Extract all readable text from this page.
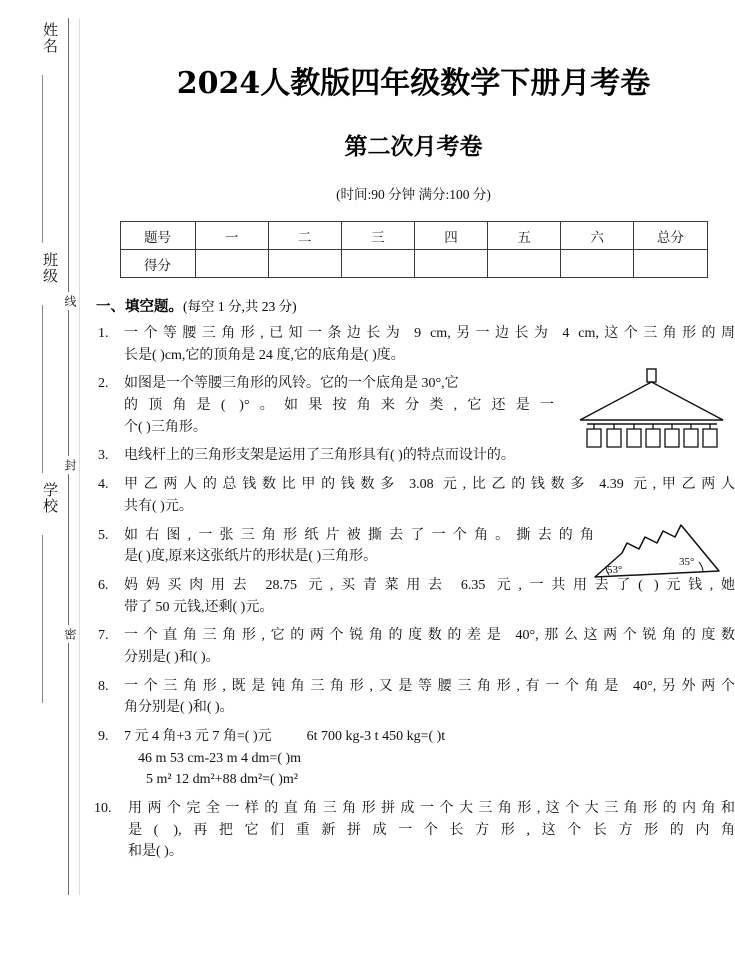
姓名
班级
学校
线
封
密
2024人教版四年级数学下册月考卷
第二次月考卷

(时间:90 分钟 满分:100 分)

题号	一	二	三	四	五	六	总分
得分							
一、填空题。(每空 1 分,共 23 分)
1.	一个等腰三角形,已知一条边长为 9 cm,另一边长为 4 cm,这个三角形的周
长是( )cm,它的顶角是 24 度,它的底角是( )度。
2.	如图是一个等腰三角形的风铃。它的一个底角是 30°,它
的顶角是( )°。如果按角来分类,它还是一
个( )三角形。
3.	电线杆上的三角形支架是运用了三角形具有( )的特点而设计的。
4.	甲乙两人的总钱数比甲的钱数多 3.08 元,比乙的钱数多 4.39 元,甲乙两人
共有( )元。
5.	如右图,一张三角形纸片被撕去了一个角。撕去的角
是( )度,原来这张纸片的形状是( )三角形。
53°
35°
6.	妈妈买肉用去 28.75 元,买青菜用去 6.35 元,一共用去了( )元钱,她
带了 50 元钱,还剩( )元。
7.	一个直角三角形,它的两个锐角的度数的差是 40°,那么这两个锐角的度数
分别是( )和( )。
8.	一个三角形,既是钝角三角形,又是等腰三角形,有一个角是 40°,另外两个
角分别是( )和( )。
9.	7 元 4 角+3 元 7 角=( )元	6t 700 kg-3 t 450 kg=( )t
46 m 53 cm-23 m 4 dm=( )m
5 m² 12 dm²+88 dm²=( )m²
10.	用两个完全一样的直角三角形拼成一个大三角形,这个大三角形的内角和
是( ),再把它们重新拼成一个长方形,这个长方形的内角
和是( )。
